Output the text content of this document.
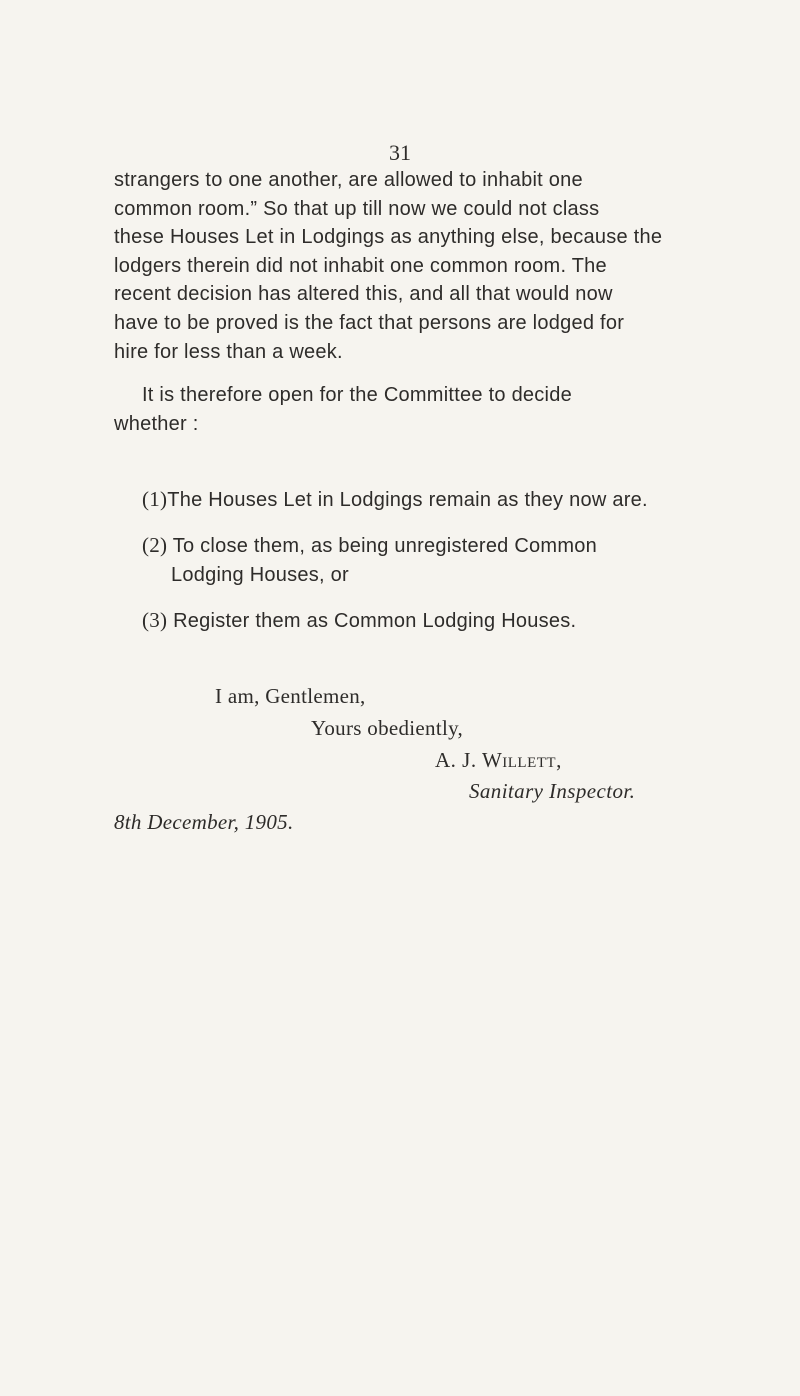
31

strangers to one another, are allowed to inhabit one
common room.” So that up till now we could not class
these Houses Let in Lodgings as anything else, because the
lodgers therein did not inhabit one common room. The
recent decision has altered this, and all that would now
have to be proved is the fact that persons are lodged for
hire for less than a week.

It is therefore open for the Committee to decide
whether :

(1)The Houses Let in Lodgings remain as they now are.

(2) To close them, as being unregistered Common
Lodging Houses, or

(3) Register them as Common Lodging Houses.

I am, Gentlemen,

Yours obediently,

A. J. Willett,

Sanitary Inspector.

8th December, 1905.
